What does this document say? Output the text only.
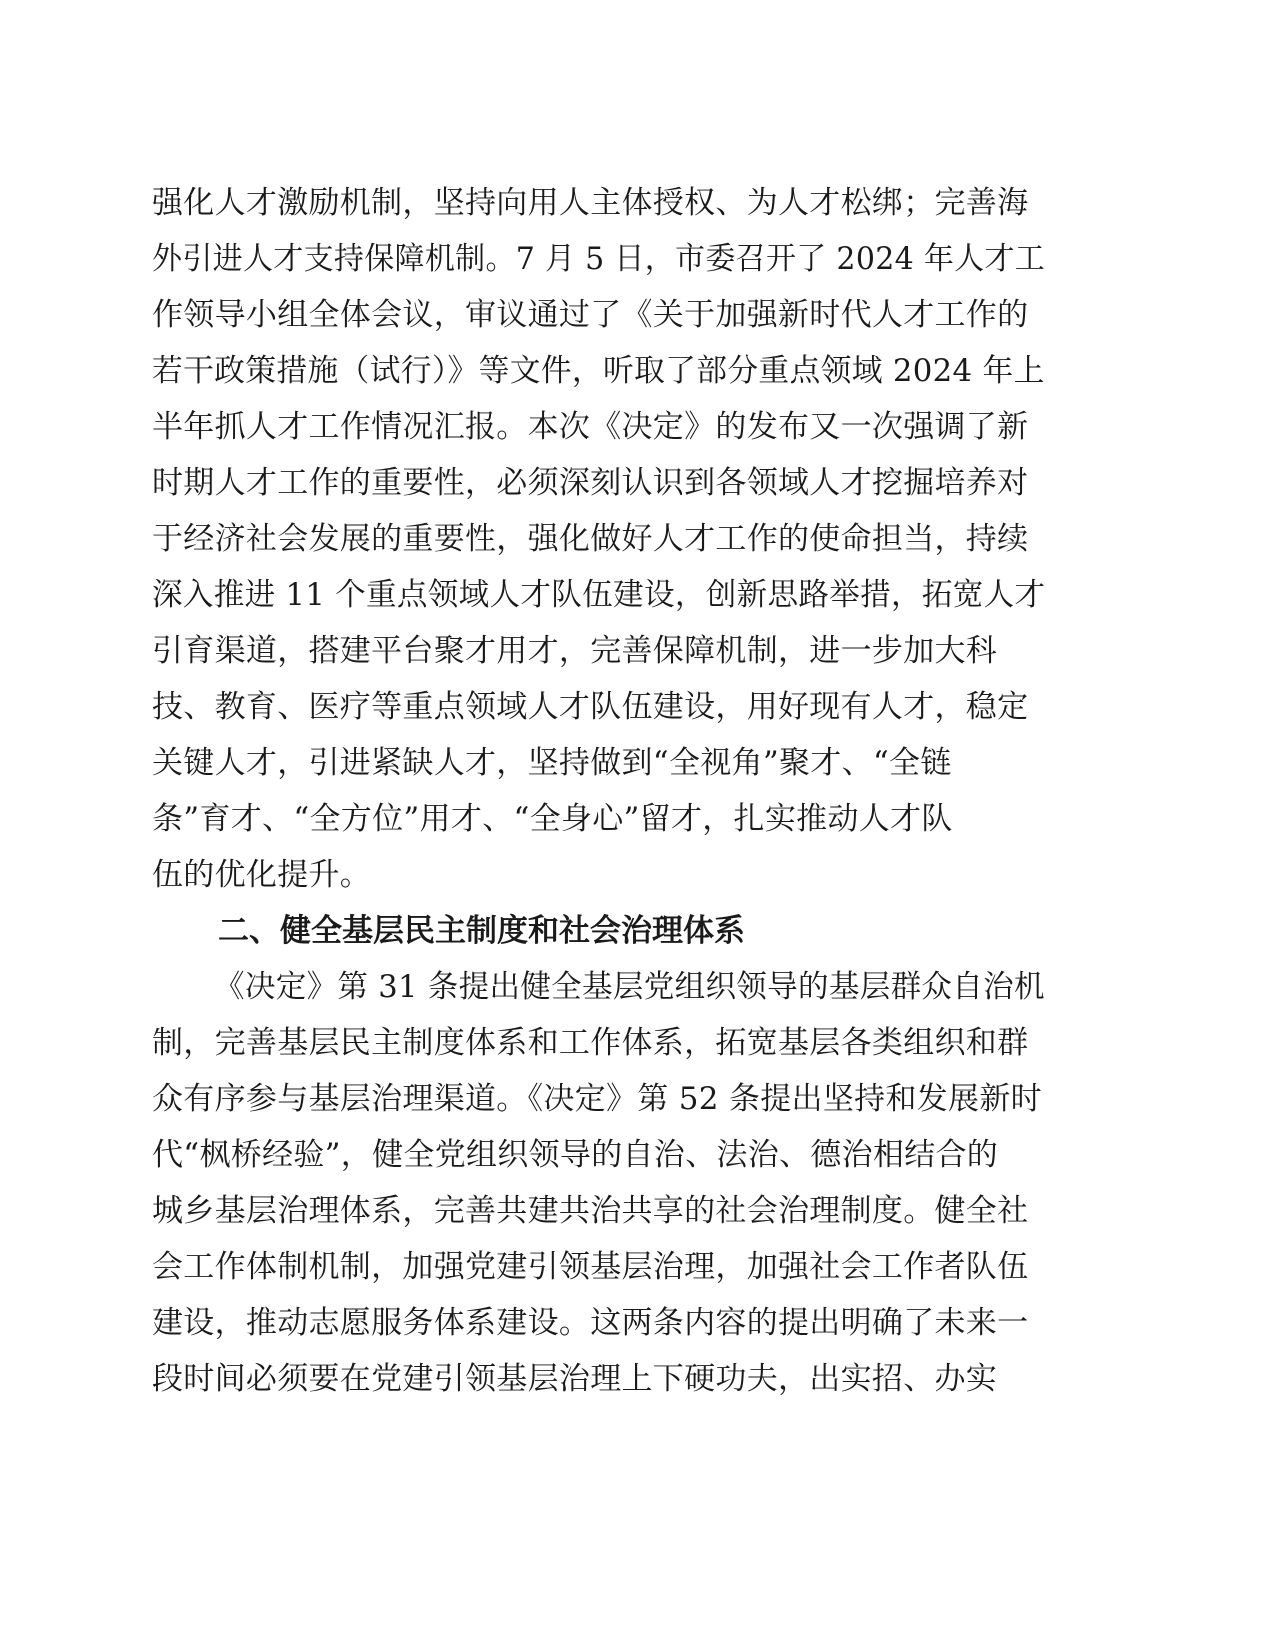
强化人才激励机制，坚持向用人主体授权、为人才松绑；完善海
外引进人才支持保障机制。7 月 5 日，市委召开了 2024 年人才工
作领导小组全体会议，审议通过了《关于加强新时代人才工作的
若干政策措施（试行）》等文件，听取了部分重点领域 2024 年上
半年抓人才工作情况汇报。本次《决定》的发布又一次强调了新
时期人才工作的重要性，必须深刻认识到各领域人才挖掘培养对
于经济社会发展的重要性，强化做好人才工作的使命担当，持续
深入推进 11 个重点领域人才队伍建设，创新思路举措，拓宽人才
引育渠道，搭建平台聚才用才，完善保障机制，进一步加大科
技、教育、医疗等重点领域人才队伍建设，用好现有人才，稳定
关键人才，引进紧缺人才，坚持做到“全视角”聚才、“全链
条”育才、“全方位”用才、“全身心”留才，扎实推动人才队
伍的优化提升。
二、健全基层民主制度和社会治理体系
《决定》第 31 条提出健全基层党组织领导的基层群众自治机
制，完善基层民主制度体系和工作体系，拓宽基层各类组织和群
众有序参与基层治理渠道。《决定》第 52 条提出坚持和发展新时
代“枫桥经验”，健全党组织领导的自治、法治、德治相结合的
城乡基层治理体系，完善共建共治共享的社会治理制度。健全社
会工作体制机制，加强党建引领基层治理，加强社会工作者队伍
建设，推动志愿服务体系建设。这两条内容的提出明确了未来一
段时间必须要在党建引领基层治理上下硬功夫，出实招、办实
